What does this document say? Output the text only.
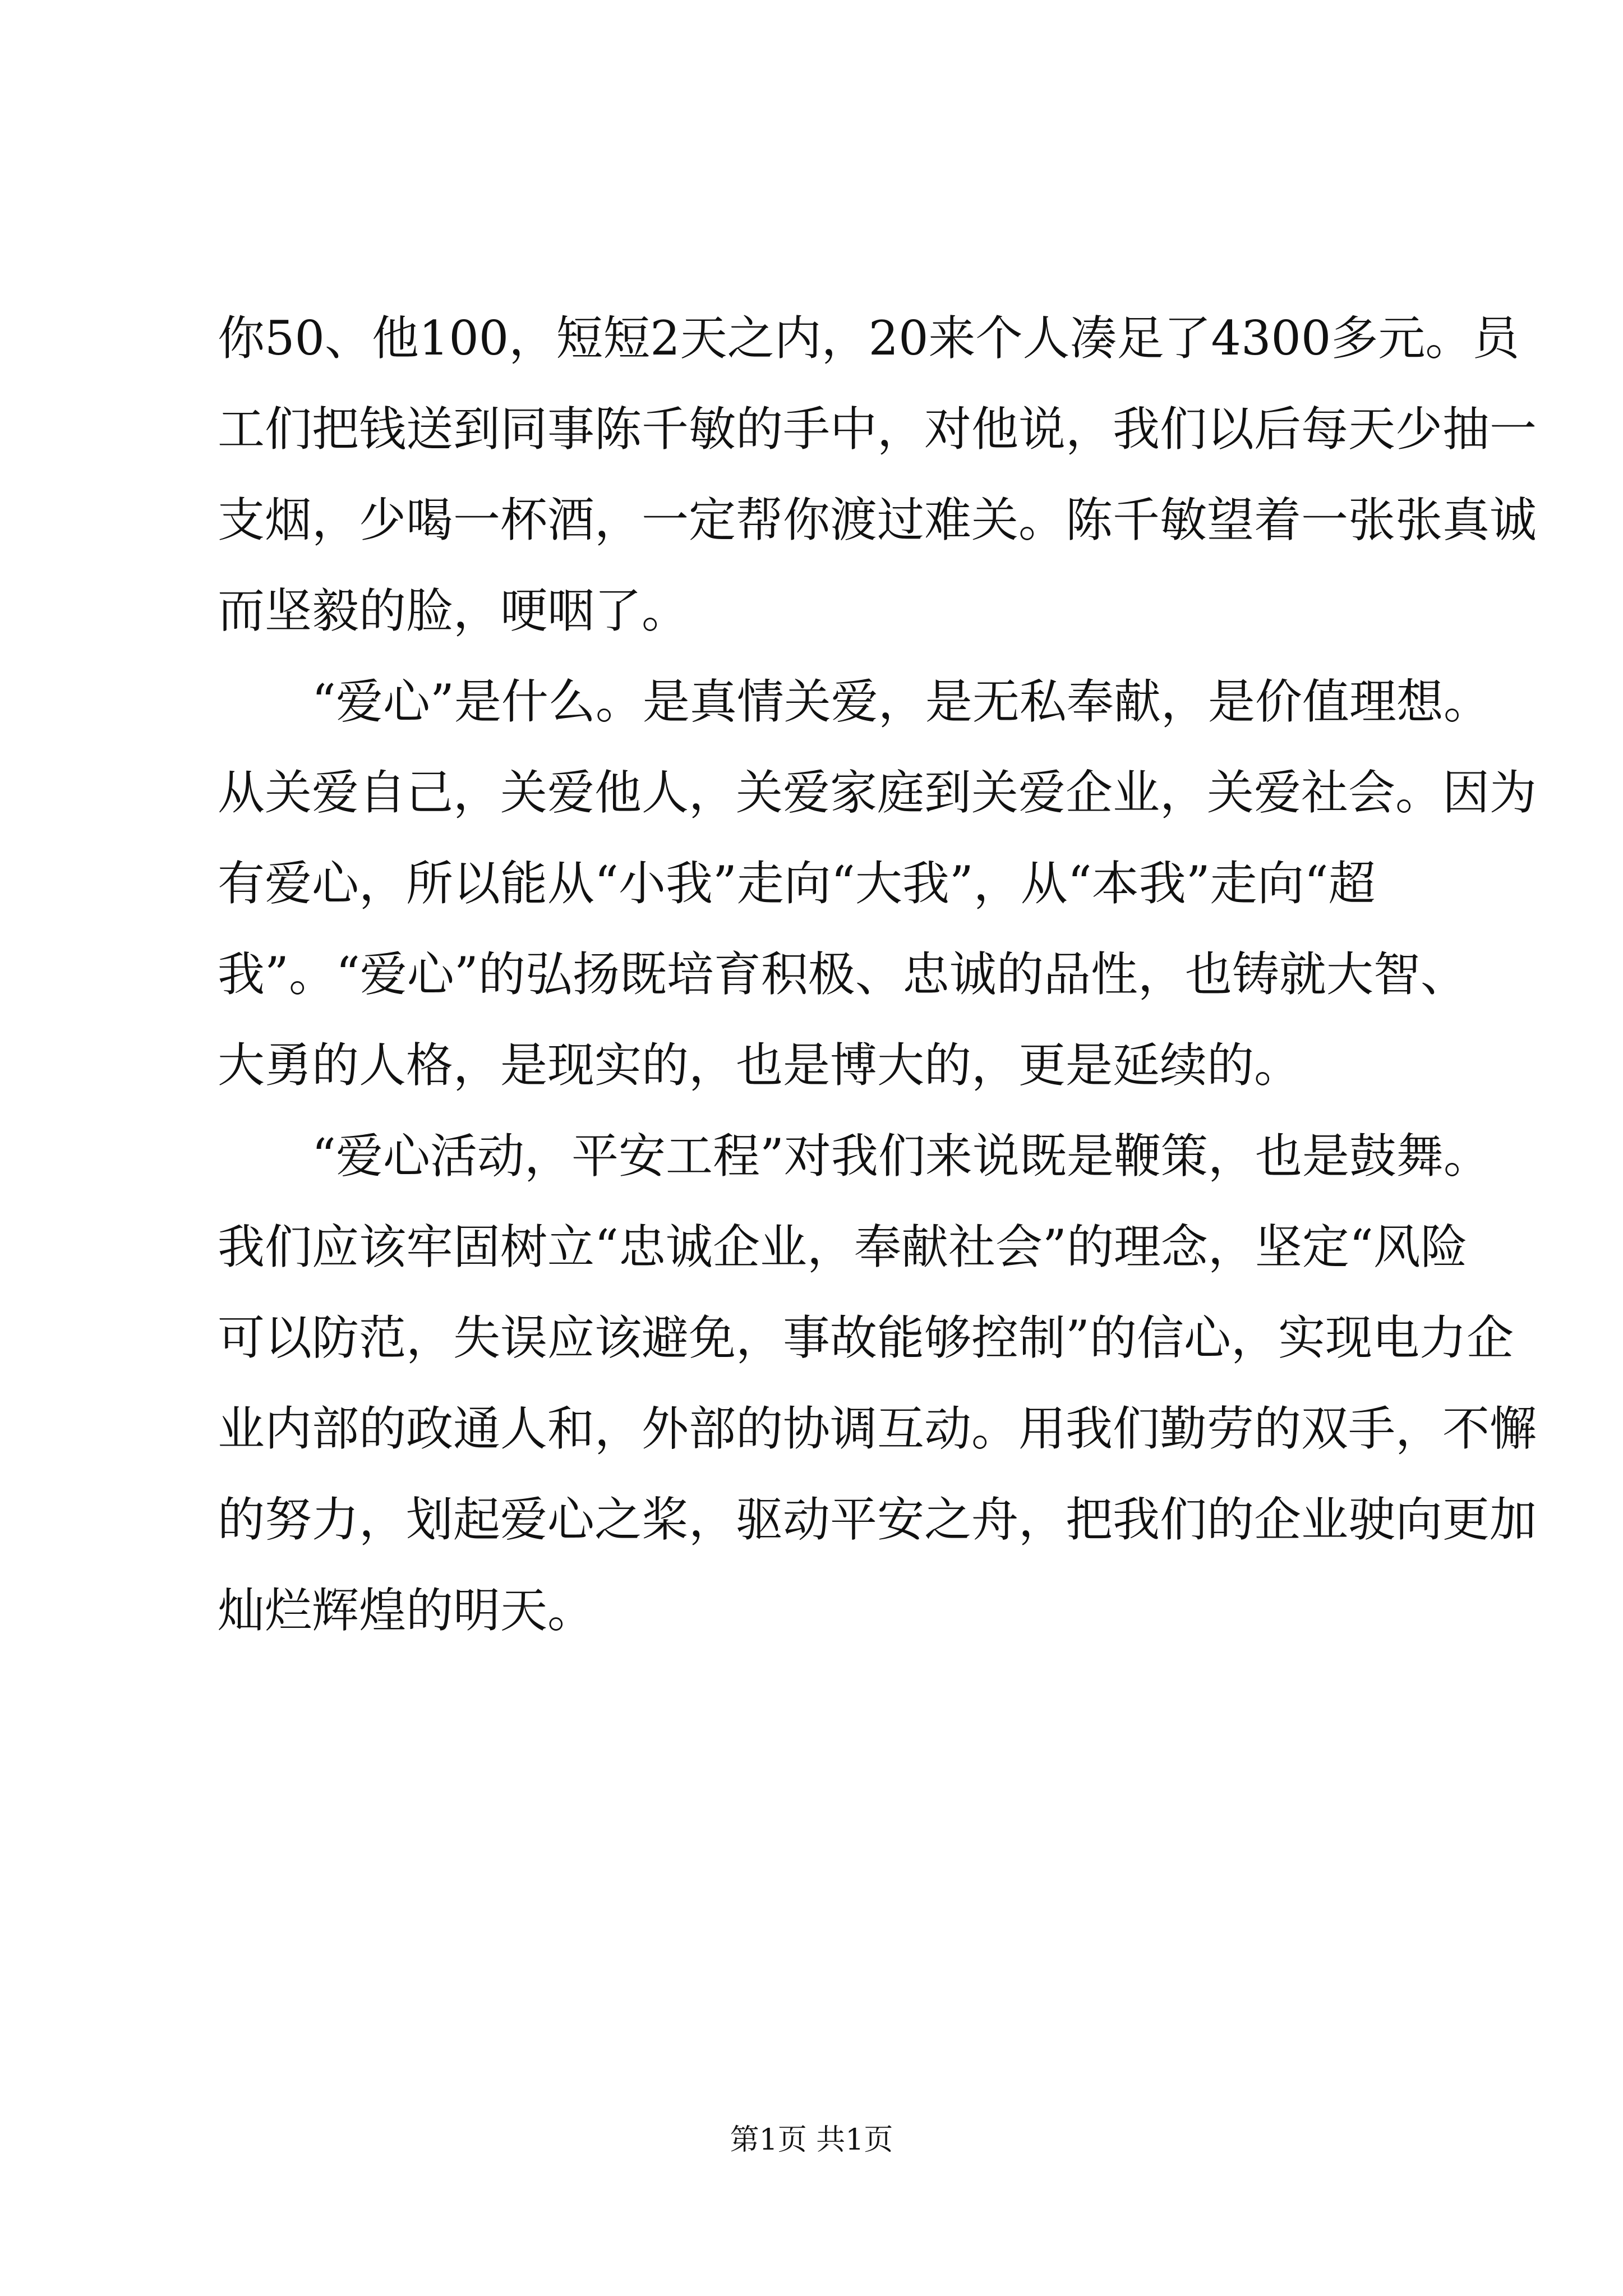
你50、他100，短短2天之内，20来个人凑足了4300多元。员
工们把钱送到同事陈千敏的手中，对他说，我们以后每天少抽一
支烟，少喝一杯酒，一定帮你渡过难关。陈千敏望着一张张真诚
而坚毅的脸，哽咽了。
“爱心”是什么。是真情关爱，是无私奉献，是价值理想。
从关爱自己，关爱他人，关爱家庭到关爱企业，关爱社会。因为
有爱心，所以能从“小我”走向“大我”，从“本我”走向“超
我”。“爱心”的弘扬既培育积极、忠诚的品性，也铸就大智、
大勇的人格，是现实的，也是博大的，更是延续的。
“爱心活动，平安工程”对我们来说既是鞭策，也是鼓舞。
我们应该牢固树立“忠诚企业，奉献社会”的理念，坚定“风险
可以防范，失误应该避免，事故能够控制”的信心，实现电力企
业内部的政通人和，外部的协调互动。用我们勤劳的双手，不懈
的努力，划起爱心之桨，驱动平安之舟，把我们的企业驶向更加
灿烂辉煌的明天。
第1页 共1页
